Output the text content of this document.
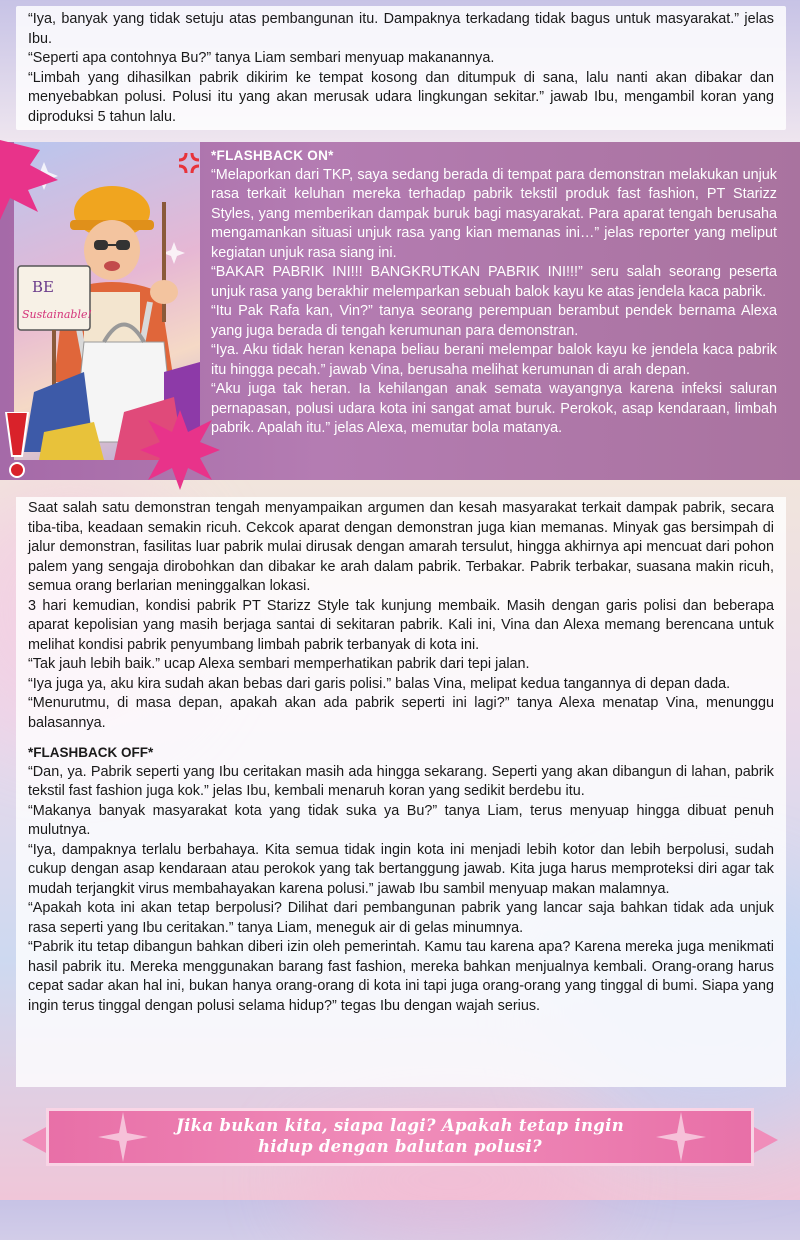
“Iya, banyak yang tidak setuju atas pembangunan itu. Dampaknya terkadang tidak bagus untuk masyarakat.” jelas Ibu.

“Seperti apa contohnya Bu?” tanya Liam sembari menyuap makanannya.

“Limbah yang dihasilkan pabrik dikirim ke tempat kosong dan ditumpuk di sana, lalu nanti akan dibakar dan menyebabkan polusi. Polusi itu yang akan merusak udara lingkungan sekitar.” jawab Ibu, mengambil koran yang diproduksi 5 tahun lalu.

BE
Sustainable!

*FLASHBACK ON*

“Melaporkan dari TKP, saya sedang berada di tempat para demonstran melakukan unjuk rasa terkait keluhan mereka terhadap pabrik tekstil produk fast fashion, PT Starizz Styles, yang memberikan dampak buruk bagi masyarakat. Para aparat tengah berusaha mengamankan situasi unjuk rasa yang kian memanas ini…” jelas reporter yang meliput kegiatan unjuk rasa siang ini.

“BAKAR PABRIK INI!!! BANGKRUTKAN PABRIK INI!!!” seru salah seorang peserta unjuk rasa yang berakhir melemparkan sebuah balok kayu ke atas jendela kaca pabrik.

“Itu Pak Rafa kan, Vin?” tanya seorang perempuan berambut pendek bernama Alexa yang juga berada di tengah kerumunan para demonstran.

“Iya. Aku tidak heran kenapa beliau berani melempar balok kayu ke jendela kaca pabrik itu hingga pecah.” jawab Vina, berusaha melihat kerumunan di arah depan.

“Aku juga tak heran. Ia kehilangan anak semata wayangnya karena infeksi saluran pernapasan, polusi udara kota ini sangat amat buruk. Perokok, asap kendaraan, limbah pabrik. Apalah itu.” jelas Alexa, memutar bola matanya.

Saat salah satu demonstran tengah menyampaikan argumen dan kesah masyarakat terkait dampak pabrik, secara tiba-tiba, keadaan semakin ricuh. Cekcok aparat dengan demonstran juga kian memanas. Minyak gas bersimpah di jalur demonstran, fasilitas luar pabrik mulai dirusak dengan amarah tersulut, hingga akhirnya api mencuat dari pohon palem yang sengaja dirobohkan dan dibakar ke arah dalam pabrik. Terbakar. Pabrik terbakar, suasana makin ricuh, semua orang berlarian meninggalkan lokasi.

3 hari kemudian, kondisi pabrik PT Starizz Style tak kunjung membaik. Masih dengan garis polisi dan beberapa aparat kepolisian yang masih berjaga santai di sekitaran pabrik. Kali ini, Vina dan Alexa memang berencana untuk melihat kondisi pabrik penyumbang limbah pabrik terbanyak di kota ini.

“Tak jauh lebih baik.” ucap Alexa sembari memperhatikan pabrik dari tepi jalan.

“Iya juga ya, aku kira sudah akan bebas dari garis polisi.” balas Vina, melipat kedua tangannya di depan dada.

“Menurutmu, di masa depan, apakah akan ada pabrik seperti ini lagi?” tanya Alexa menatap Vina, menunggu balasannya.

*FLASHBACK OFF*

“Dan, ya. Pabrik seperti yang Ibu ceritakan masih ada hingga sekarang. Seperti yang akan dibangun di lahan, pabrik tekstil fast fashion juga kok.” jelas Ibu, kembali menaruh koran yang sedikit berdebu itu.

“Makanya banyak masyarakat kota yang tidak suka ya Bu?” tanya Liam, terus menyuap hingga dibuat penuh mulutnya.

“Iya, dampaknya terlalu berbahaya. Kita semua tidak ingin kota ini menjadi lebih kotor dan lebih berpolusi, sudah cukup dengan asap kendaraan atau perokok yang tak bertanggung jawab. Kita juga harus memproteksi diri agar tak mudah terjangkit virus membahayakan karena polusi.” jawab Ibu sambil menyuap makan malamnya.

“Apakah kota ini akan tetap berpolusi? Dilihat dari pembangunan pabrik yang lancar saja bahkan tidak ada unjuk rasa seperti yang Ibu ceritakan.” tanya Liam, meneguk air di gelas minumnya.

“Pabrik itu tetap dibangun bahkan diberi izin oleh pemerintah. Kamu tau karena apa? Karena mereka juga menikmati hasil pabrik itu. Mereka menggunakan barang fast fashion, mereka bahkan menjualnya kembali. Orang-orang harus cepat sadar akan hal ini, bukan hanya orang-orang di kota ini tapi juga orang-orang yang tinggal di bumi. Siapa yang ingin terus tinggal dengan polusi selama hidup?” tegas Ibu dengan wajah serius.

Jika bukan kita, siapa lagi? Apakah tetap ingin
hidup dengan balutan polusi?
